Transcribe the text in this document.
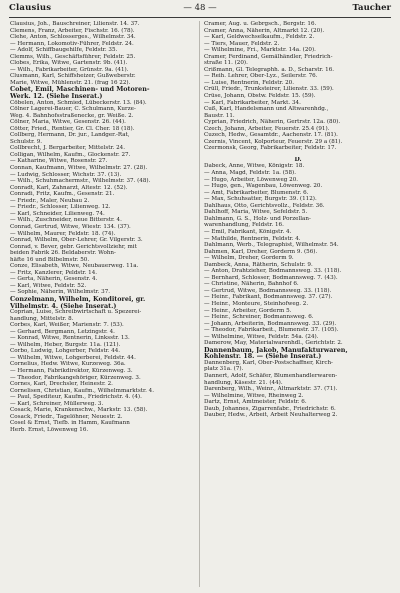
Clausius	— 48 —	Taucher
Clausius, Joh., Bauschreiner, Lilienstr. 14. 37.
Clemens, Franz, Arbeiter, Fischstr. 16. (78).
Clehe, Anton, Schlosserges., Wilhelmstr. 34.
— Hermann, Lokomotiv-Führer, Feldstr. 24.
— Adolf, Schiffbaugehilfe, Feldstr. 35.
Clemms, Wilh., Geschäftsführer, Feldstr. 25.
Clobes, Erika, Witwe, Gartenstr. 9b. (41).
— Wilh., Fabrikarbeiter, Grünstr. 9a. (41).
Clusmann, Karl, Schiffsheizer, Gußweberstr.
Marie, Witwe, Mühlenstr. 21. (frag 16 22).
Cobet, Emil, Maschinen- und Motoren-
Werk. 12. (Siehe Inserat.)
Cöbelen, Anton, Schmied, Lübeckerstr. 13. (84).
Cölner Lagerei-Bauer, C. Schulmann, Kurze-
Weg. 4. Bahnhofsstraßenecke, gr. Weiße. 2.
Cölner, Maria, Witwe, Gesenstr. 26. (44).
Cötter, Fried., Rentier, Gr. Cl. Cher. 18 (18).
Collberg, Hermann, Dr. jur., Landger.-Rat,
Schulstr. 9.
Collbrecht, J. Bergarbeiter, Mittelstr. 24.
Colligan, Wilhelm, Kaufm., Glockenstr. 27.
— Katharine, Witwe, Rosenstr. 27.
Connan, Kaufmann, Witwe, Wilhelmstr. 27. (28).
— Ludwig, Schlosser, Wichstr. 37. (13).
— Wilh., Schuhmachermstr., Wilhelmstr. 37. (48).
Conradt, Karl, Zahnarzt, Altestr. 12. (52).
Conradi, Fritz, Kaufm., Gesenstr. 21.
— Friedr., Maler, Neubau 2.
— Friedr., Schlosser, Lilienweg. 12.
— Karl, Schneider, Lilienweg. 74.
— Wilh., Zuschneider, neue Bitterstr. 4.
Conrad, Gertrud, Witwe, Wiestr. 134. (37).
— Wilhelm, Maurer, Feldstr. 18. (74).
Conrad, Wilhelm, Ober-Lehrer, Gr. Vilgerstr. 3.
Conrad, v. Bever, gebr. Gerichtsvollziehr, mit
beiden Fabrik 26. Beldaberstr. Wohn-
häfte 16 und Bilbelmstr. 50.
Conze, Elisabeth, Witwe, Neubauerweg. 11a.
— Fritz, Kanzlerer, Peldstr. 14.
— Gerta, Näherin, Gesenstr. 4.
— Karl, Witwe, Feldstr. 52.
— Sophie, Näherin, Wilhelmstr. 37.
Conzelmann, Wilhelm, Konditorei, gr.
Vilhelmstr. 4. (Siehe Inserat.)
Coprian, Luise, Schreibwirtschaft u. Spezerei-
handlung, Mittelstr. 8.
Corbes, Karl, Weißer, Marienstr. 7. (53).
— Gerhard, Bergmann, Letzingstr. 4.
— Konrad, Witwe, Rentnerin, Linksstr. 13.
— Wilhelm, Heber, Burgstr. 11a. (121).
Corbo, Ludwig, Lohgerber, Feldstr. 44.
— Wilhelm, Witwe, Lohgerberei, Feldstr. 44.
Cornelius, Hedw. Witwe, Kurzeweg. 36a.
— Hermann, Fabrikdirektor, Kürzenweg. 3.
— Theodor, Fabrikangehöriger, Kürzenweg. 3.
Cornes, Karl, Drechsler, Heinestr. 2.
Cornelisen, Christian, Kaufm., Wilhelmmarktstr. 4.
— Paul, Spediteur, Kaufm., Friedrichstr. 4. (4).
— Karl, Schreiner, Müllerweg. 3.
Cosack, Marie, Krankenschw., Markstr. 13. (58).
Cosack, Friedr., Tagelöhner, Neuestr. 2.
Cosel & Ernst, Tiefb. in Hamm, Kaufmann
Herb. Ernst, Löwenweg 16.
Cramer, Aug. u. Gebrgsch., Bergstr. 16.
Cramer, Anna, Näherin, Altmarkt 12. (20).
— Karl, Geldwechselkaufm., Feldstr. 2.
— Tiers, Mauer, Feldstr. 2.
— Wilhelmine, Fri., Marktstr. 14a. (20).
Cramer, Ferdinand, Gemälhändler, Friedrich-
straße 11. (20).
Crißmann, Gl. Telegraphh. a. D., Scharstr. 16.
— Reih. Lehrer, Ober-Lyz., Seilerstr. 76.
— Luise, Rentnerin, Feldstr. 20.
Crüll, Friedr., Trunksteirer, Lilienstr. 33. (59).
Crüse, Johann, Obstw. Feldstr. 15. (59).
— Karl, Fabrikarbeiter, Markt. 34.
Cuß, Karl, Handelsmann und Altwarenhdg.,
Baustr. 11.
Cyprian, Friedrich, Näherin, Gertrstr. 12a. (80).
Czech, Johann, Arbeiter, Feuerstr. 25.4 (91).
Cuzech, Hedw., Gesamtdr., Aachenstr. 17. (81).
Czernis, Vincent, Kolporteur, Feuerstr. 29 a (81).
Czermonsk, Georg, Fabrikarbeiter, Feldstr. 17.
D.
Dabeck, Anne, Witwe, Königstr. 18.
— Anna, Magd, Feldstr. 1a. (58).
— Hugo, Arbeiter, Löwenweg 20.
— Hugo, gen., Wagenbau, Löwenweg. 20.
— Amt, Fabrikarbeiter, Blumenstr. 6.
— Max, Schuhsatter, Burgstr. 39. (112).
Dahlhaus, Otto, Gerichtsvollz., Feldstr. 36.
Dahlhoff, Maria, Witwe, Sefeldstr. 5.
Dahlmann, G. S., Holz- und Porzellan-
warenhandlung, Feldstr. 16.
— Emil, Fabrikant, Königstr. 4.
— Mathilde, Rentnerin, Feldstr. 4.
Dahlmann, Werb., Telegraphist, Wilhelmstr. 54.
Dahmen, Karl, Dreher, Gorderm 9. (56).
— Wilhelm, Dreher, Gorderm 9.
Dambeck, Anna, Rätherin, Schulstr. 9.
— Anton, Drahtzieher, Bodmannsweg. 33. (118).
— Bernhard, Schlosser, Bodmannsweg. 7. (43).
— Christine, Näherin, Bahnhof 6.
— Gertrud, Witwe, Bodmannsweg. 33. (118).
— Heinr., Fabrikant, Bodmannsweg. 37. (27).
— Heinr., Monteure, Steinhofweg. 2.
— Heinr., Arbeiter, Gorderm 5.
— Heinr., Schreiner, Bodmannsweg. 6.
— Johann, Arbeiterin, Bodmannsweg. 33. (29).
— Theodor, Fabrikarbeit., Blumenstr. 37. (105).
— Wilhelmine, Witwe, Feldstr. 54a. (24).
Damerow, May, Materialwarenhdl., Gerichtstr. 2.
Dannenbaum, Jakob, Manufakturwaren,
Kohlenstr. 18. — (Siehe Inserat.)
Dannenberg, Karl, Ober-Postschaffner, Kirch-
platz 31a. (7).
Dannert, Adolf, Schäfer, Blumenhandlerwaren-
handlung, Käsestr. 21. (44).
Darenberg, Wilh., Weinr., Altmarktstr. 37. (71).
— Wilhelmine, Witwe, Rheinweg 2.
Dartz, Ernst, Amtmeister, Feldstr. 6.
Daub, Johannes, Zigarrenfabr., Friedrichstr. 6.
Dauber, Hedw., Arbeit, Arbeit Neuhalterweg 2.
